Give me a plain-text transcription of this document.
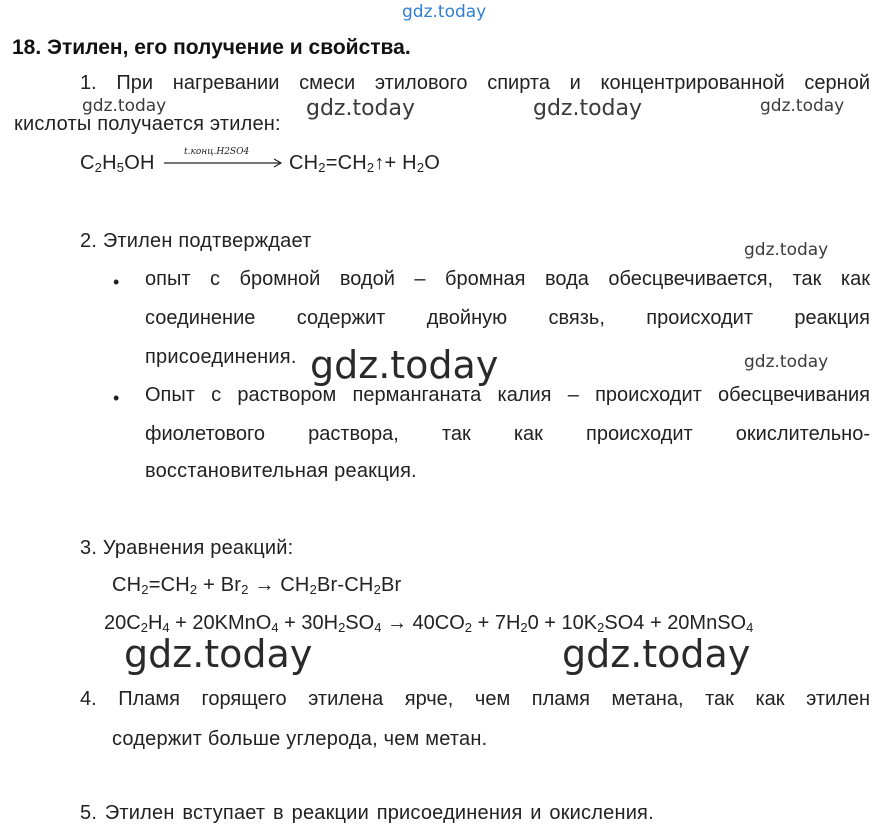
gdz.today
gdz.today	gdz.today	gdz.today	gdz.today
gdz.today
gdz.today	gdz.today
gdz.today	gdz.today
18. Этилен, его получение и свойства.
1. При нагревании смеси этилового спирта и концентрированной серной
кислоты получается этилен:
$C_2H_5OH$	t.конц.H2SO4 $CH_2=CH_2↑+ H_2O$
2. Этилен подтверждает
• опыт с бромной водой – бромная вода обесцвечивается, так как
соединение содержит двойную связь, происходит реакция
присоединения.
• Опыт с раствором перманганата калия – происходит обесцвечивания
фиолетового раствора, так как происходит окислительно-
восстановительная реакция.
3. Уравнения реакций:
$CH_2=CH_2 + Br_2 \to CH_2Br-CH_2Br$
$20C_2H_4$ + 20KMnO$_4$ + $30H_2SO_4 \to 40CO_2 + 7H_20 + 10K_2SO4$ + 20MnSO$_4$
4. Пламя горящего этилена ярче, чем пламя метана, так как этилен
содержит больше углерода, чем метан.
5. Этилен вступает в реакции присоединения и окисления.
